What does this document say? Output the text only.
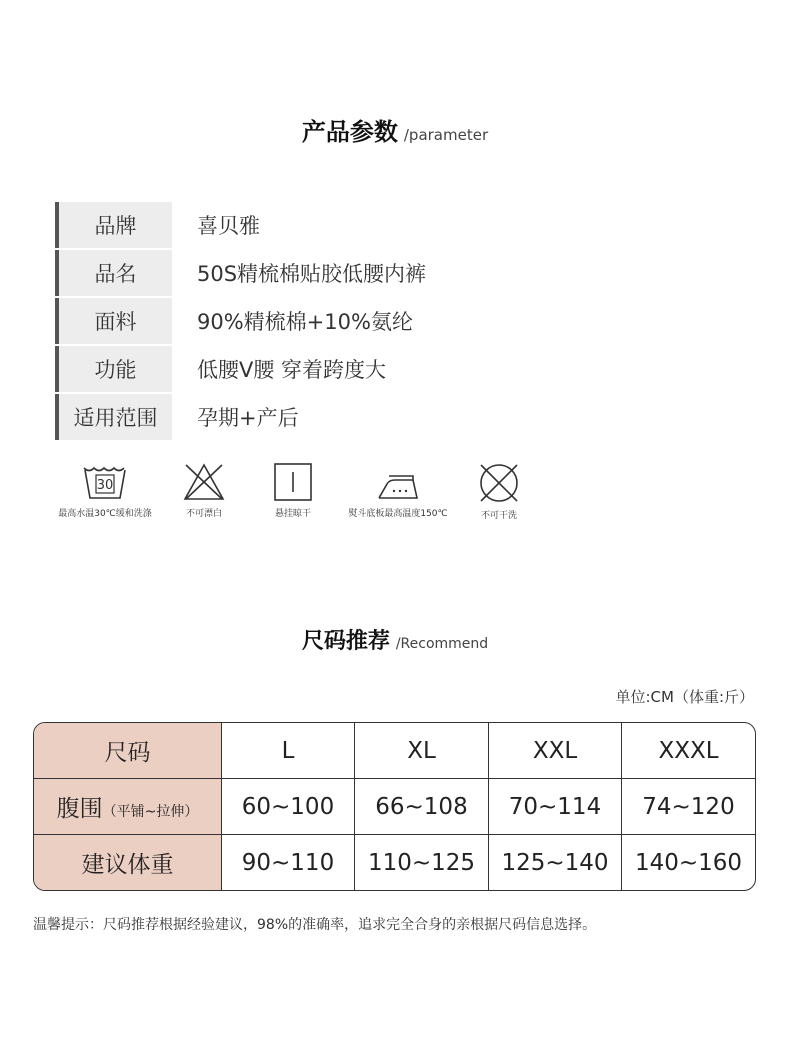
产品参数 /parameter
品牌	喜贝雅
品名	50S精梳棉贴胶低腰内裤
面料	90%精梳棉+10%氨纶
功能	低腰V腰 穿着跨度大
适用范围	孕期+产后
30
最高水温30℃缓和洗涤	不可漂白	悬挂晾干	熨斗底板最高温度150℃	不可干洗
尺码推荐 /Recommend
单位:CM（体重:斤）
尺码	L	XL	XXL	XXXL
腹围（平铺~拉伸）	60~100	66~108	70~114	74~120
建议体重	90~110	110~125	125~140	140~160
温馨提示：尺码推荐根据经验建议，98%的准确率，追求完全合身的亲根据尺码信息选择。
